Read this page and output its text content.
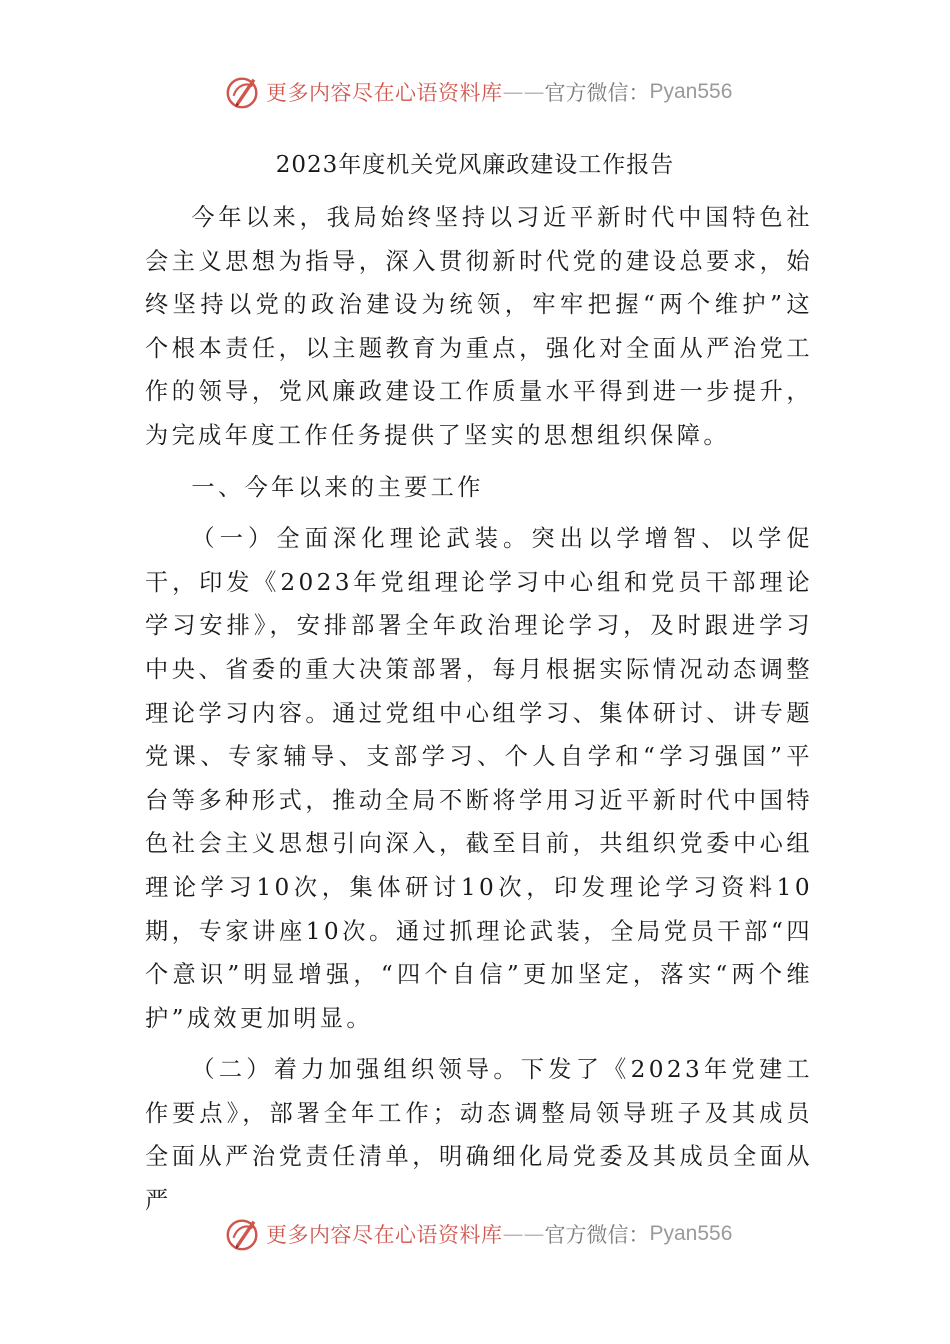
更多内容尽在心语资料库 —— 官方微信： Pyan556
2023年度机关党风廉政建设工作报告

今年以来，我局始终坚持以习近平新时代中国特色社会主义思想为指导，深入贯彻新时代党的建设总要求，始终坚持以党的政治建设为统领，牢牢把握“两个维护”这个根本责任，以主题教育为重点，强化对全面从严治党工作的领导，党风廉政建设工作质量水平得到进一步提升，为完成年度工作任务提供了坚实的思想组织保障。

一、今年以来的主要工作

（一）全面深化理论武装。突出以学增智、以学促干，印发《2023年党组理论学习中心组和党员干部理论学习安排》，安排部署全年政治理论学习，及时跟进学习中央、省委的重大决策部署，每月根据实际情况动态调整理论学习内容。通过党组中心组学习、集体研讨、讲专题党课、专家辅导、支部学习、个人自学和“学习强国”平台等多种形式，推动全局不断将学用习近平新时代中国特色社会主义思想引向深入，截至目前，共组织党委中心组理论学习10次，集体研讨10次，印发理论学习资料10期，专家讲座10次。通过抓理论武装，全局党员干部“四个意识”明显增强，“四个自信”更加坚定，落实“两个维护”成效更加明显。

（二）着力加强组织领导。下发了《2023年党建工作要点》，部署全年工作；动态调整局领导班子及其成员全面从严治党责任清单，明确细化局党委及其成员全面从严

更多内容尽在心语资料库 —— 官方微信： Pyan556
